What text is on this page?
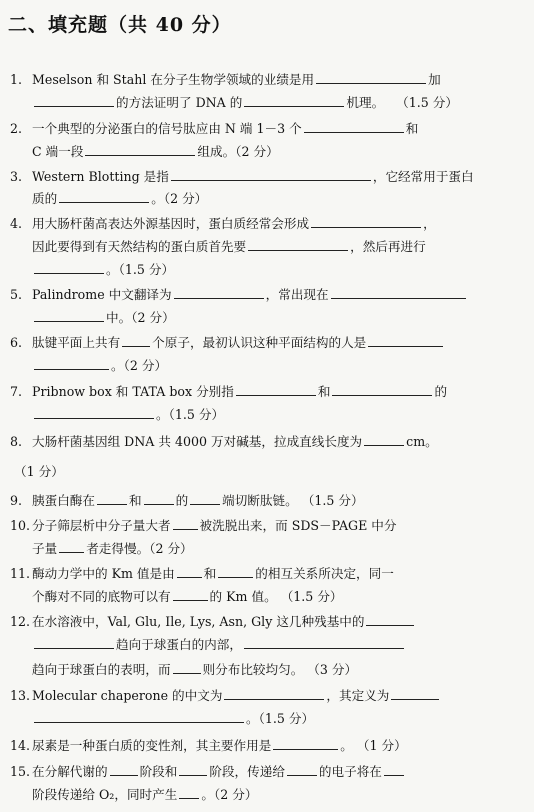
二、填充题（共 40 分）
1. Meselson 和 Stahl 在分子生物学领域的业绩是用	加
的方法证明了 DNA 的	机理。 （1.5 分）
2. 一个典型的分泌蛋白的信号肽应由 N 端 1－3 个	和
C 端一段	组成。（2 分）
3. Western Blotting 是指	，它经常用于蛋白
质的	。（2 分）
4. 用大肠杆菌高表达外源基因时，蛋白质经常会形成	，
因此要得到有天然结构的蛋白质首先要	，然后再进行
。（1.5 分）
5. Palindrome 中文翻译为	，常出现在
中。（2 分）
6. 肽键平面上共有	个原子，最初认识这种平面结构的人是
。（2 分）
7. Pribnow box 和 TATA box 分别指	和	的
。（1.5 分）
8. 大肠杆菌基因组 DNA 共 4000 万对碱基，拉成直线长度为	cm。
（1 分）
9. 胰蛋白酶在	和	的	端切断肽链。 （1.5 分）
10. 分子筛层析中分子量大者 被洗脱出来，而 SDS－PAGE 中分
子量 者走得慢。（2 分）
11. 酶动力学中的 Km 值是由 和	的相互关系所决定，同一
个酶对不同的底物可以有	的 Km 值。 （1.5 分）
12. 在水溶液中，Val, Glu, Ile, Lys, Asn, Gly 这几种残基中的
趋向于球蛋白的内部，
趋向于球蛋白的表明，而	则分布比较均匀。 （3 分）
13. Molecular chaperone 的中文为	，其定义为
。（1.5 分）
14. 尿素是一种蛋白质的变性剂，其主要作用是	。 （1 分）
15. 在分解代谢的	阶段和	阶段，传递给	的电子将在
阶段传递给 O₂，同时产生 。（2 分）
